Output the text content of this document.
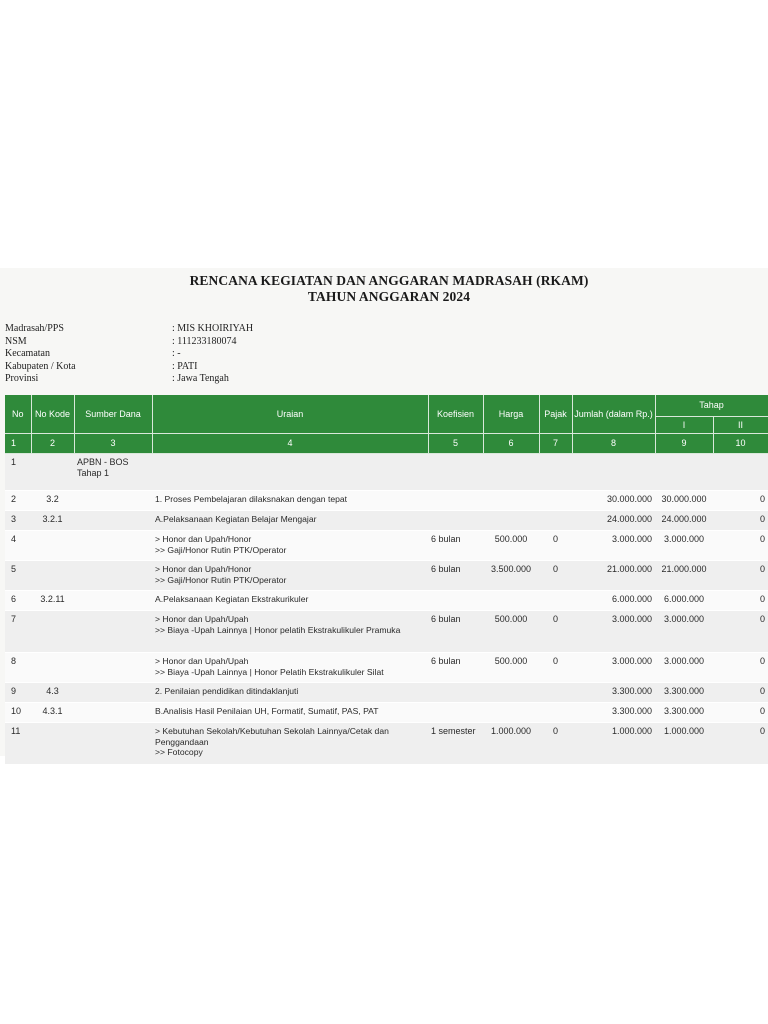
RENCANA KEGIATAN DAN ANGGARAN MADRASAH (RKAM)
TAHUN ANGGARAN 2024
Madrasah/PPS	: MIS KHOIRIYAH
NSM	: 111233180074
Kecamatan	: -
Kabupaten / Kota	: PATI
Provinsi	: Jawa Tengah
No	No Kode	Sumber Dana	Uraian	Koefisien	Harga	Pajak	Jumlah (dalam Rp.)	Tahap	
								I	II
1	2	3	4	5	6	7	8	9	10
1		APBN - BOS Tahap 1							
2	3.2		1. Proses Pembelajaran dilaksnakan dengan tepat				30.000.000	30.000.000	0
3	3.2.1		A.Pelaksanaan Kegiatan Belajar Mengajar				24.000.000	24.000.000	0
4			> Honor dan Upah/Honor
>> Gaji/Honor Rutin PTK/Operator	6 bulan	500.000	0	3.000.000	3.000.000	0
5			> Honor dan Upah/Honor
>> Gaji/Honor Rutin PTK/Operator	6 bulan	3.500.000	0	21.000.000	21.000.000	0
6	3.2.11		A.Pelaksanaan Kegiatan Ekstrakurikuler				6.000.000	6.000.000	0
7			> Honor dan Upah/Upah
>> Biaya -Upah Lainnya | Honor pelatih Ekstrakulikuler Pramuka	6 bulan	500.000	0	3.000.000	3.000.000	0
8			> Honor dan Upah/Upah
>> Biaya -Upah Lainnya | Honor Pelatih Ekstrakulikuler Silat	6 bulan	500.000	0	3.000.000	3.000.000	0
9	4.3		2. Penilaian pendidikan ditindaklanjuti				3.300.000	3.300.000	0
10	4.3.1		B.Analisis Hasil Penilaian UH, Formatif, Sumatif, PAS, PAT				3.300.000	3.300.000	0
11			> Kebutuhan Sekolah/Kebutuhan Sekolah Lainnya/Cetak dan Penggandaan
>> Fotocopy	1 semester	1.000.000	0	1.000.000	1.000.000	0
